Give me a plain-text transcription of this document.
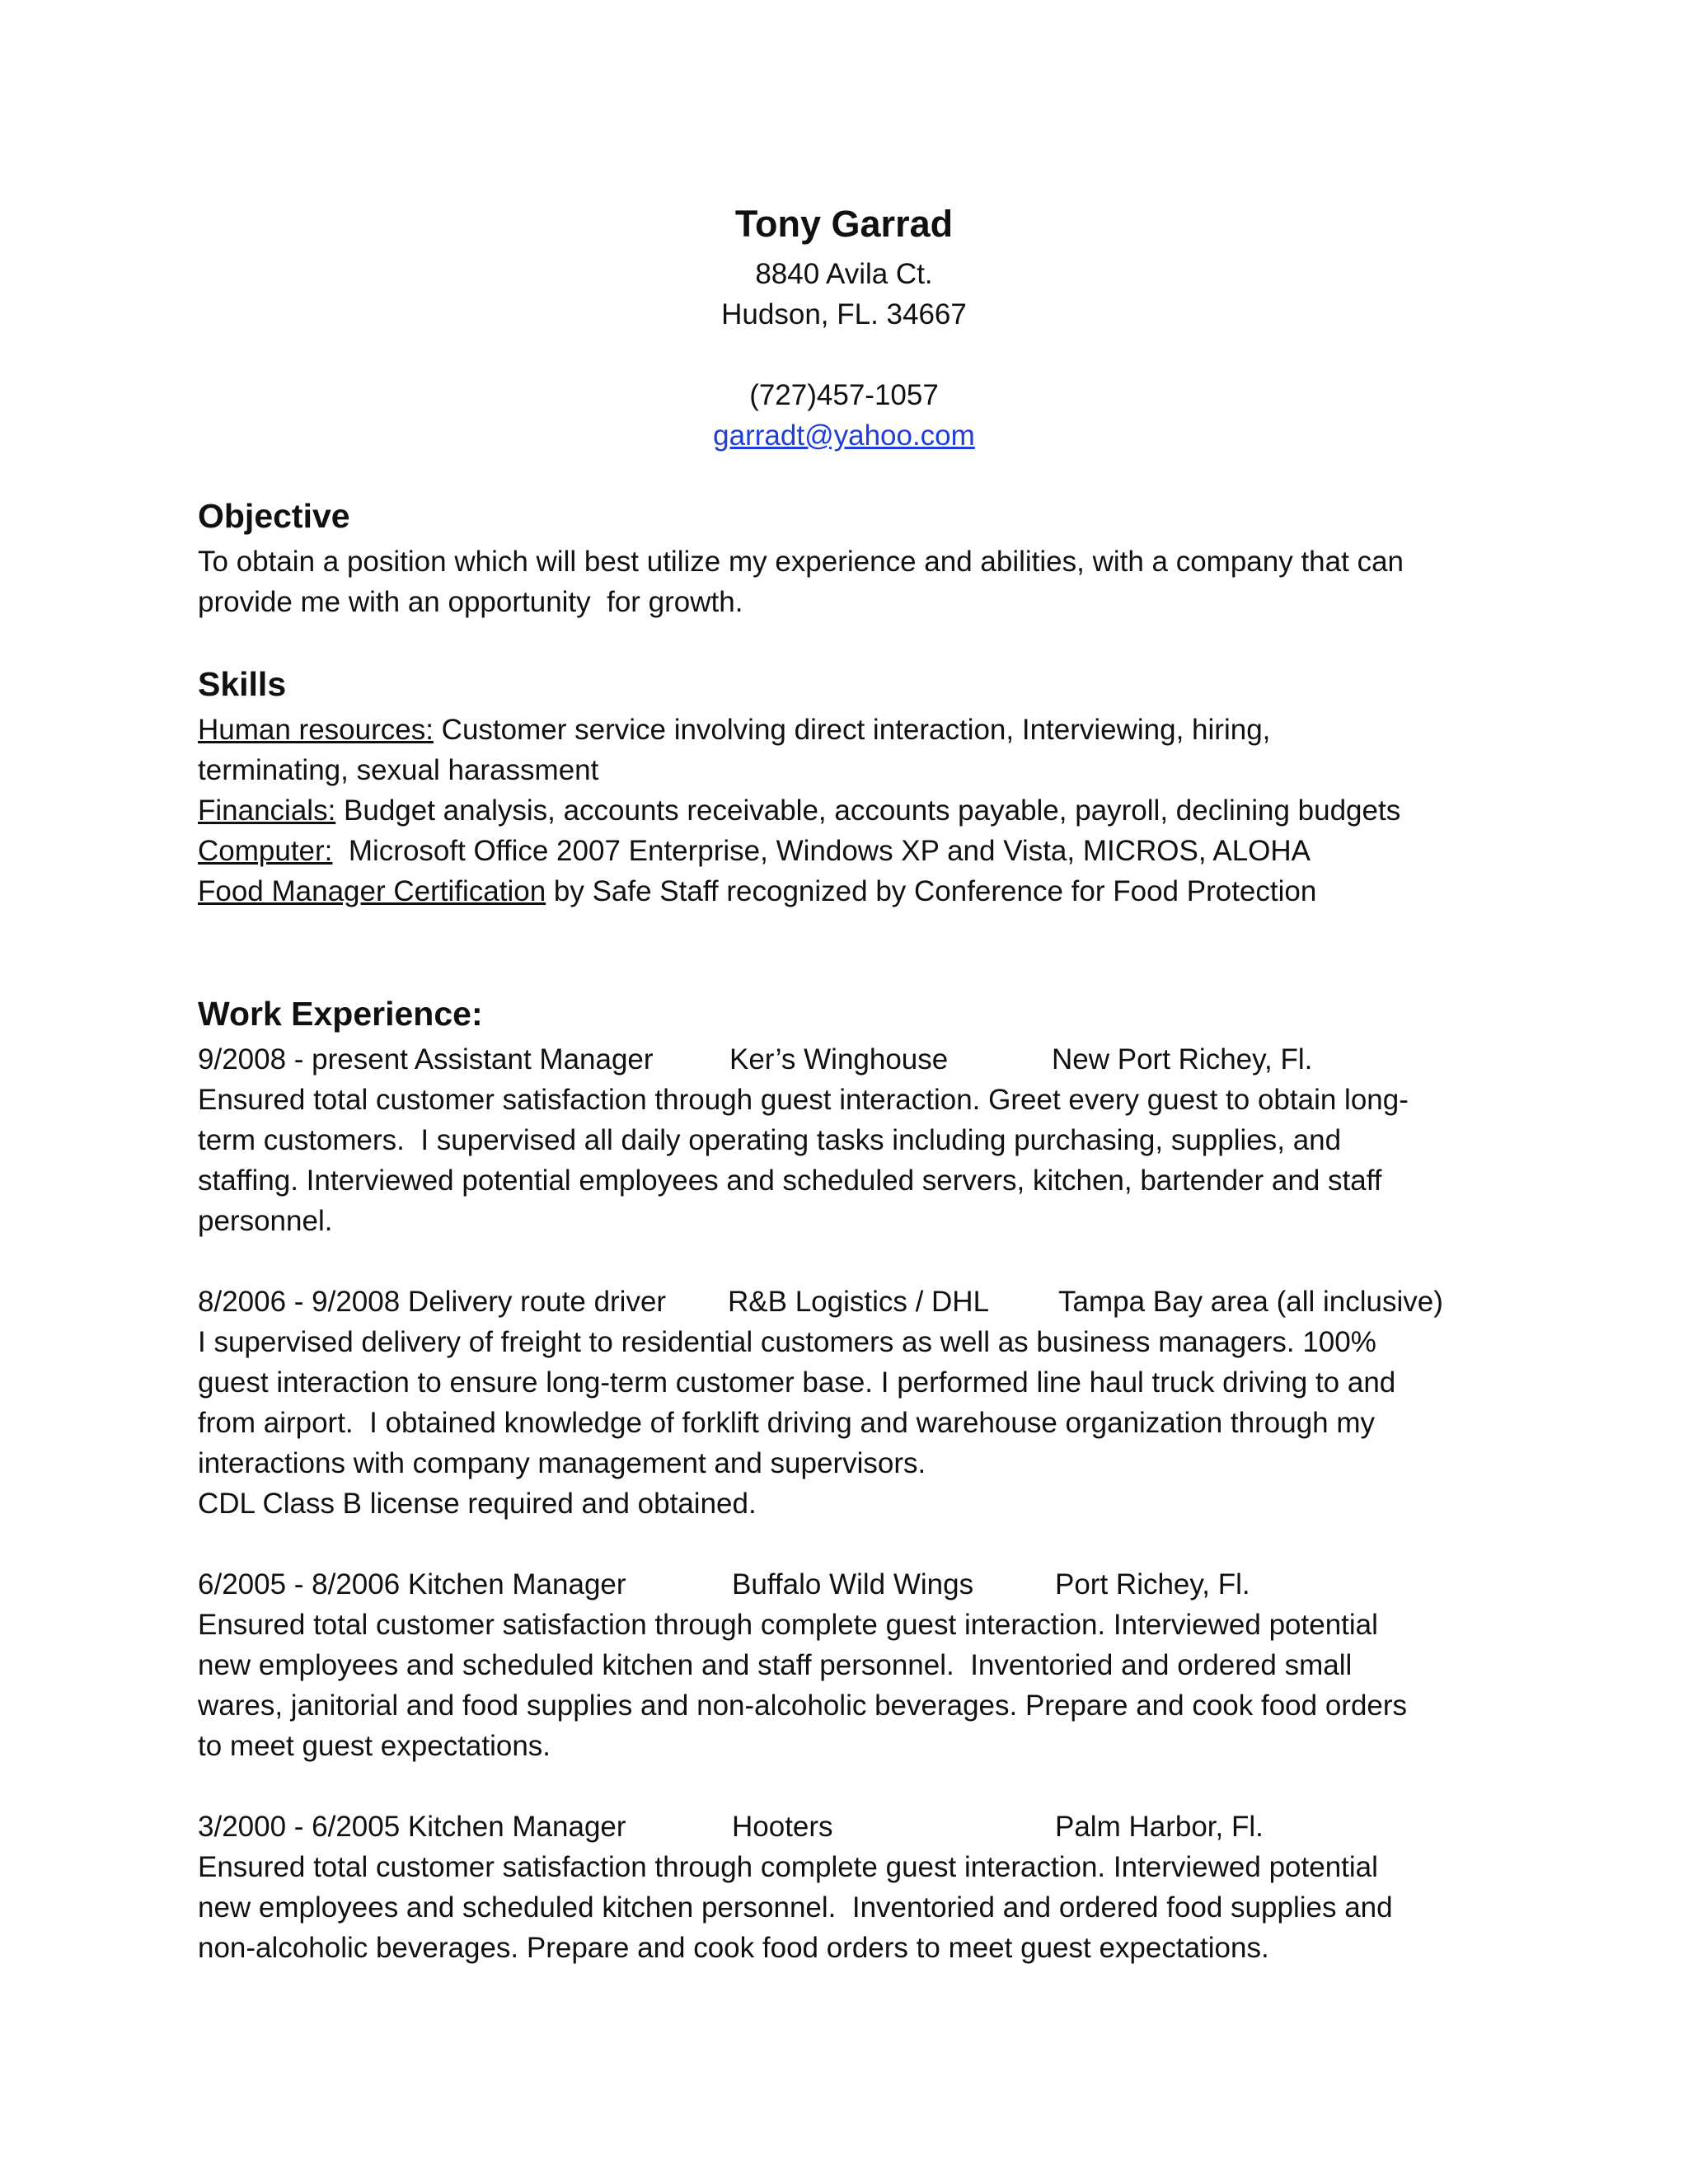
Tony Garrad

8840 Avila Ct.

Hudson, FL. 34667

(727)457-1057

garradt@yahoo.com

Objective

To obtain a position which will best utilize my experience and abilities, with a company that can

provide me with an opportunity  for growth.

Skills

Human resources: Customer service involving direct interaction, Interviewing, hiring,

terminating, sexual harassment

Financials: Budget analysis, accounts receivable, accounts payable, payroll, declining budgets

Computer:  Microsoft Office 2007 Enterprise, Windows XP and Vista, MICROS, ALOHA

Food Manager Certification by Safe Staff recognized by Conference for Food Protection

Work Experience:

9/2008 - present Assistant Manager	Ker’s Winghouse	New Port Richey, Fl.

Ensured total customer satisfaction through guest interaction. Greet every guest to obtain long-

term customers.  I supervised all daily operating tasks including purchasing, supplies, and

staffing. Interviewed potential employees and scheduled servers, kitchen, bartender and staff

personnel.

8/2006 - 9/2008 Delivery route driver R&B Logistics / DHL Tampa Bay area (all inclusive)

I supervised delivery of freight to residential customers as well as business managers. 100%

guest interaction to ensure long-term customer base. I performed line haul truck driving to and

from airport.  I obtained knowledge of forklift driving and warehouse organization through my

interactions with company management and supervisors.

CDL Class B license required and obtained.

6/2005 - 8/2006 Kitchen Manager	Buffalo Wild Wings	Port Richey, Fl.

Ensured total customer satisfaction through complete guest interaction. Interviewed potential

new employees and scheduled kitchen and staff personnel.  Inventoried and ordered small

wares, janitorial and food supplies and non-alcoholic beverages. Prepare and cook food orders

to meet guest expectations.

3/2000 - 6/2005 Kitchen Manager	Hooters	Palm Harbor, Fl.

Ensured total customer satisfaction through complete guest interaction. Interviewed potential

new employees and scheduled kitchen personnel.  Inventoried and ordered food supplies and

non-alcoholic beverages. Prepare and cook food orders to meet guest expectations.
